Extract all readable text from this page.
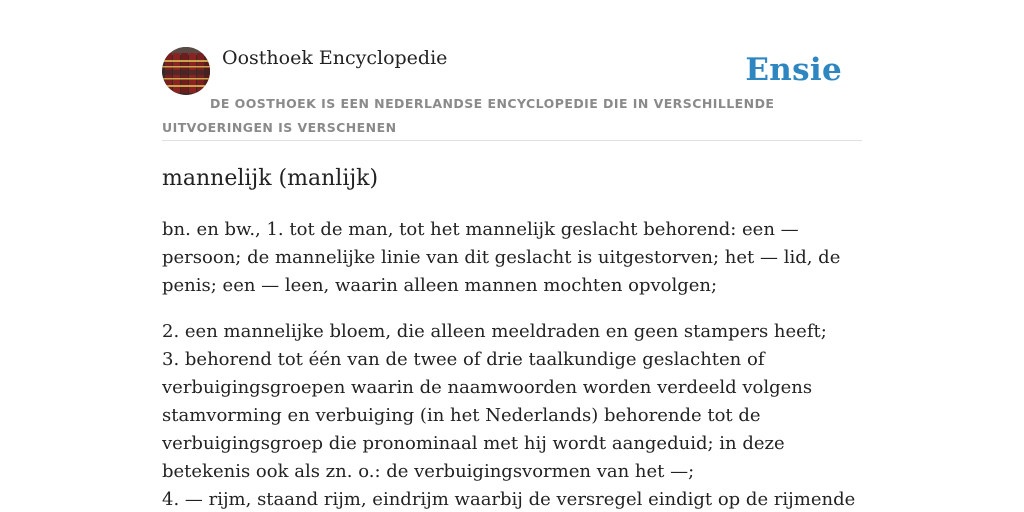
Oosthoek Encyclopedie	Ensie
DE OOSTHOEK IS EEN NEDERLANDSE ENCYCLOPEDIE DIE IN VERSCHILLENDE UITVOERINGEN IS VERSCHENEN
mannelijk (manlijk)

bn. en bw., 1. tot de man, tot het mannelijk geslacht behorend: een — persoon; de mannelijke linie van dit geslacht is uitgestorven; het — lid, de penis; een — leen, waarin alleen mannen mochten opvolgen;

2. een mannelijke bloem, die alleen meeldraden en geen stampers heeft;
3. behorend tot één van de twee of drie taalkundige geslachten of verbuigingsgroepen waarin de naamwoorden worden verdeeld volgens stamvorming en verbuiging (in het Nederlands) behorende tot de verbuigingsgroep die pronominaal met hij wordt aangeduid; in deze betekenis ook als zn. o.: de verbuigingsvormen van het —;
4. — rijm, staand rijm, eindrijm waarbij de versregel eindigt op de rijmende
